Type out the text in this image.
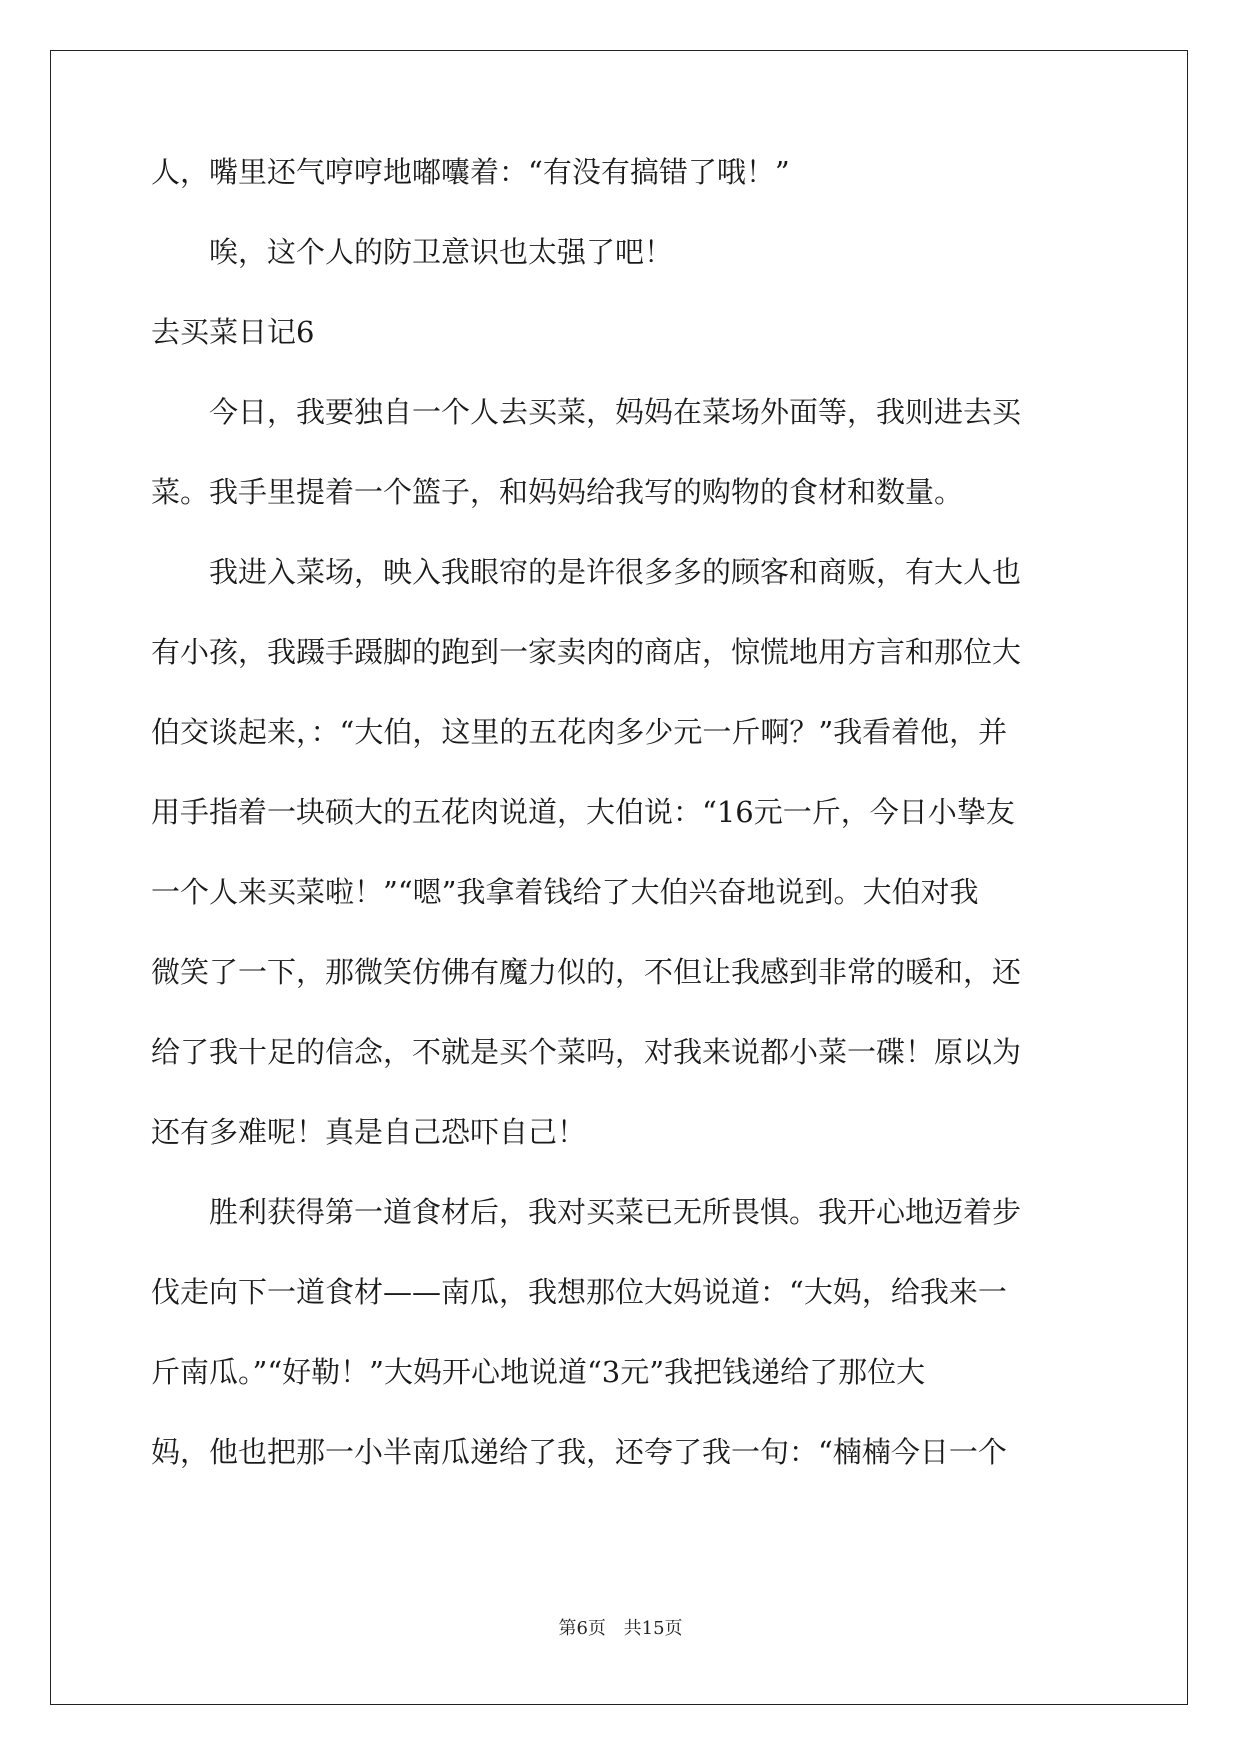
人，嘴里还气哼哼地嘟囔着：“有没有搞错了哦！”
　　唉，这个人的防卫意识也太强了吧！
去买菜日记6
　　今日，我要独自一个人去买菜，妈妈在菜场外面等，我则进去买
菜。我手里提着一个篮子，和妈妈给我写的购物的食材和数量。
　　我进入菜场，映入我眼帘的是许很多多的顾客和商贩，有大人也
有小孩，我蹑手蹑脚的跑到一家卖肉的商店，惊慌地用方言和那位大
伯交谈起来，：“大伯，这里的五花肉多少元一斤啊？”我看着他，并
用手指着一块硕大的五花肉说道，大伯说：“16元一斤，今日小挚友
一个人来买菜啦！”“嗯”我拿着钱给了大伯兴奋地说到。大伯对我
微笑了一下，那微笑仿佛有魔力似的，不但让我感到非常的暖和，还
给了我十足的信念，不就是买个菜吗，对我来说都小菜一碟！原以为
还有多难呢！真是自己恐吓自己！
　　胜利获得第一道食材后，我对买菜已无所畏惧。我开心地迈着步
伐走向下一道食材——南瓜，我想那位大妈说道：“大妈，给我来一
斤南瓜。”“好勒！”大妈开心地说道“3元”我把钱递给了那位大
妈，他也把那一小半南瓜递给了我，还夸了我一句：“楠楠今日一个
第6页 共15页
